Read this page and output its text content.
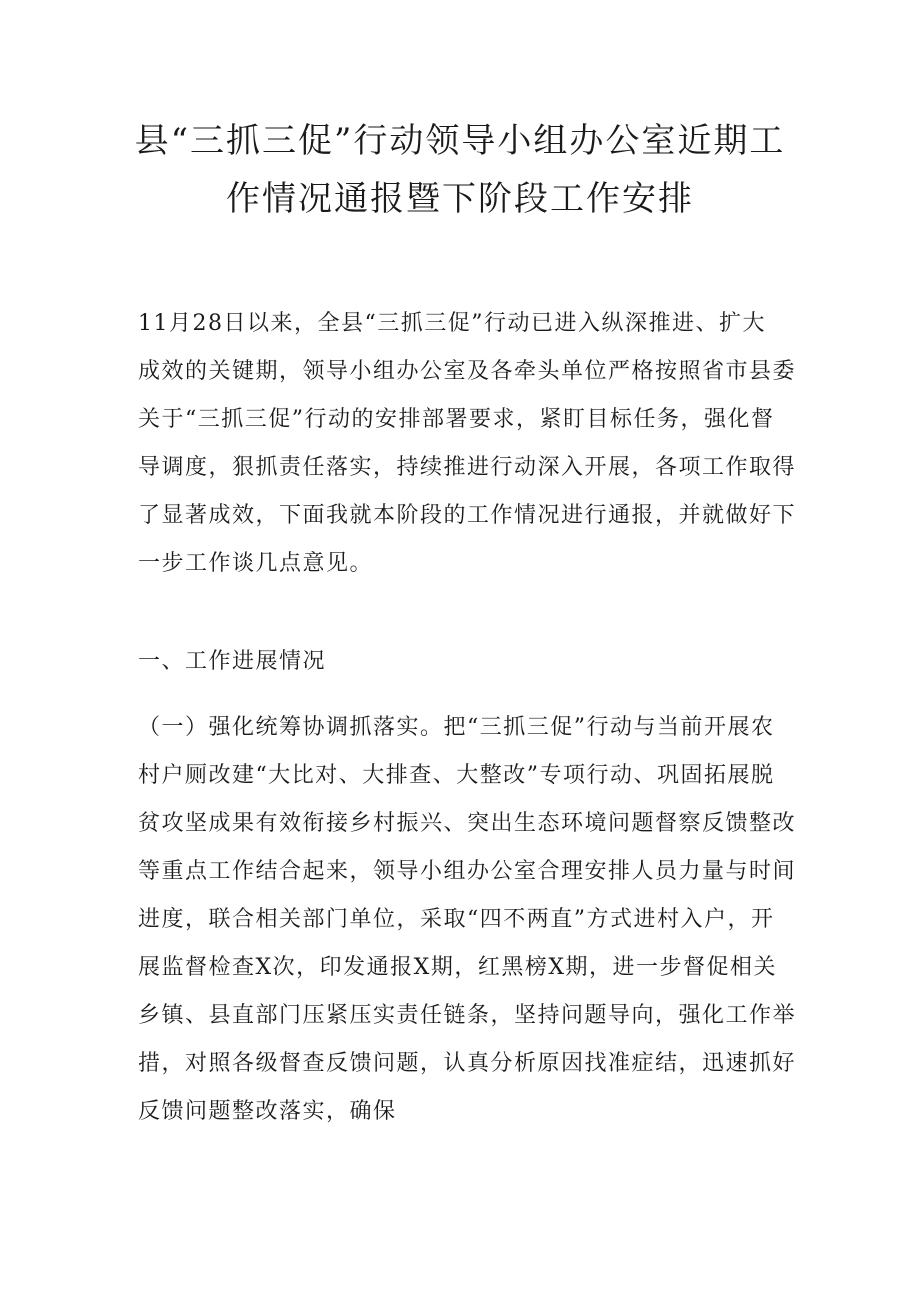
县“三抓三促”行动领导小组办公室近期工
作情况通报暨下阶段工作安排
11月28日以来，全县“三抓三促”行动已进入纵深推进、扩大
成效的关键期，领导小组办公室及各牵头单位严格按照省市县委
关于“三抓三促”行动的安排部署要求，紧盯目标任务，强化督
导调度，狠抓责任落实，持续推进行动深入开展，各项工作取得
了显著成效，下面我就本阶段的工作情况进行通报，并就做好下
一步工作谈几点意见。
一、工作进展情况
（一）强化统筹协调抓落实。把“三抓三促”行动与当前开展农
村户厕改建“大比对、大排查、大整改”专项行动、巩固拓展脱
贫攻坚成果有效衔接乡村振兴、突出生态环境问题督察反馈整改
等重点工作结合起来，领导小组办公室合理安排人员力量与时间
进度，联合相关部门单位，采取“四不两直”方式进村入户，开
展监督检查X次，印发通报X期，红黑榜X期，进一步督促相关
乡镇、县直部门压紧压实责任链条，坚持问题导向，强化工作举
措，对照各级督查反馈问题，认真分析原因找准症结，迅速抓好
反馈问题整改落实，确保
